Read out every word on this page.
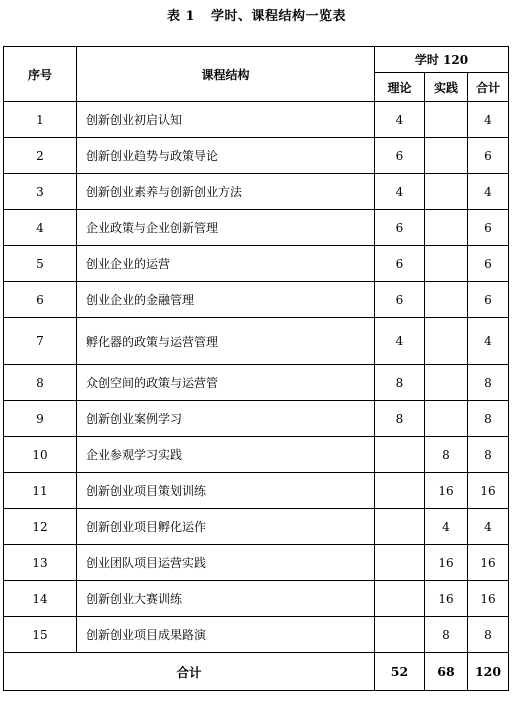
表 1 学时、课程结构一览表
序号	课程结构	学时 120		
		理论	实践	合计
1	创新创业初启认知	4		4
2	创新创业趋势与政策导论	6		6
3	创新创业素养与创新创业方法	4		4
4	企业政策与企业创新管理	6		6
5	创业企业的运营	6		6
6	创业企业的金融管理	6		6
7	孵化器的政策与运营管理	4		4
8	众创空间的政策与运营管	8		8
9	创新创业案例学习	8		8
10	企业参观学习实践		8	8
11	创新创业项目策划训练		16	16
12	创新创业项目孵化运作		4	4
13	创业团队项目运营实践		16	16
14	创新创业大赛训练		16	16
15	创新创业项目成果路演		8	8
合计		52	68	120
